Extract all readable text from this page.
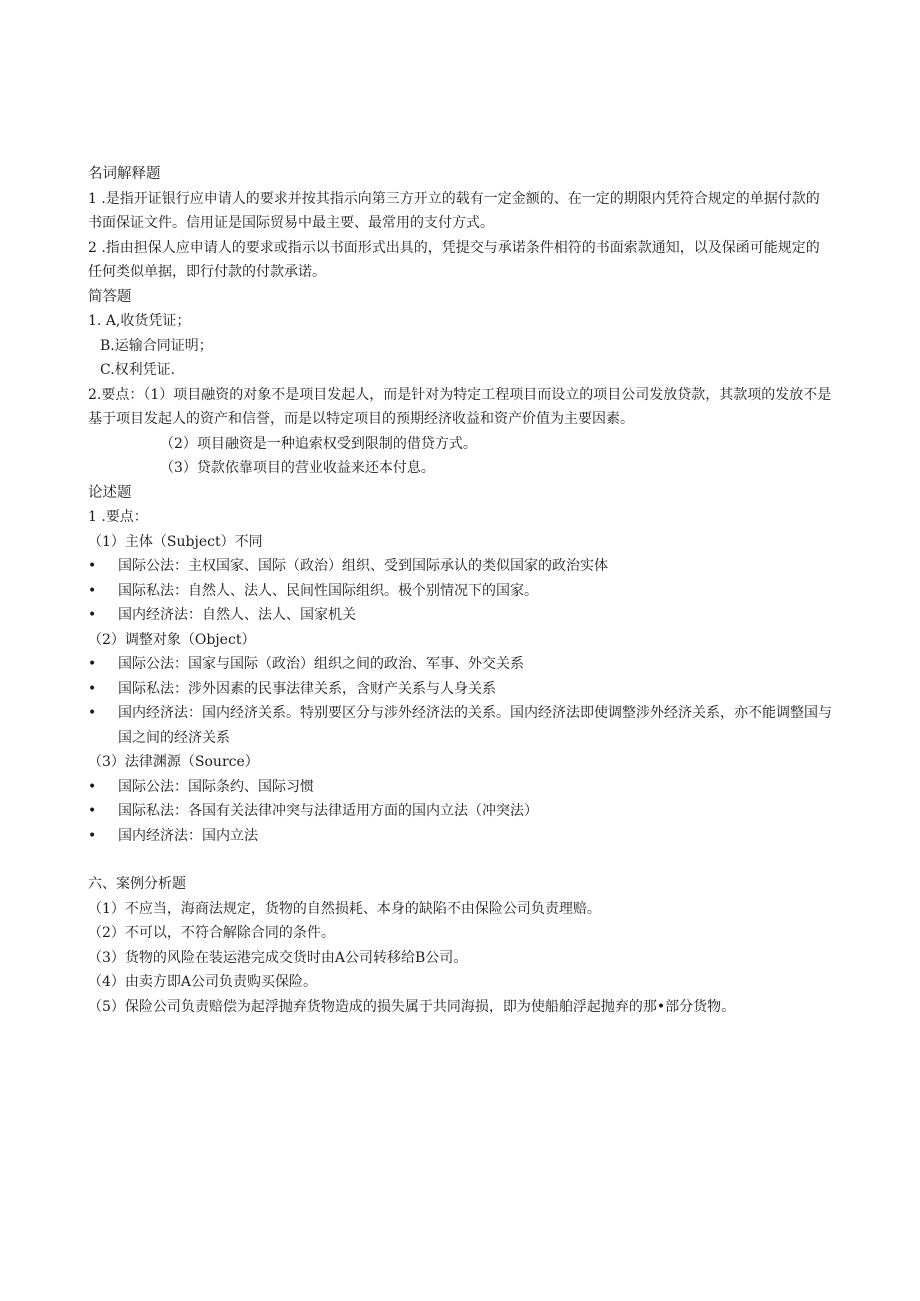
名词解释题
1 .是指开证银行应申请人的要求并按其指示向第三方开立的载有一定金额的、在一定的期限内凭符合规定的单据付款的书面保证文件。信用证是国际贸易中最主要、最常用的支付方式。
2 .指由担保人应申请人的要求或指示以书面形式出具的，凭提交与承诺条件相符的书面索款通知，以及保函可能规定的任何类似单据，即行付款的付款承诺。
简答题
1. A,收货凭证；
B.运输合同证明；
C.权利凭证.
2.要点：（1）项目融资的对象不是项目发起人，而是针对为特定工程项目而设立的项目公司发放贷款，其款项的发放不是基于项目发起人的资产和信誉，而是以特定项目的预期经济收益和资产价值为主要因素。
（2）项目融资是一种追索权受到限制的借贷方式。
（3）贷款依靠项目的营业收益来还本付息。
论述题
1 .要点：
（1）主体（Subject）不同
• 国际公法：主权国家、国际（政治）组织、受到国际承认的类似国家的政治实体
• 国际私法：自然人、法人、民间性国际组织。极个别情况下的国家。
• 国内经济法：自然人、法人、国家机关
（2）调整对象（Object）
• 国际公法：国家与国际（政治）组织之间的政治、军事、外交关系
• 国际私法：涉外因素的民事法律关系，含财产关系与人身关系
• 国内经济法：国内经济关系。特别要区分与涉外经济法的关系。国内经济法即使调整涉外经济关系，亦不能调整国与国之间的经济关系
（3）法律渊源（Source）
• 国际公法：国际条约、国际习惯
• 国际私法：各国有关法律冲突与法律适用方面的国内立法（冲突法）
• 国内经济法：国内立法
六、案例分析题
（1）不应当，海商法规定，货物的自然损耗、本身的缺陷不由保险公司负责理赔。
（2）不可以，不符合解除合同的条件。
（3）货物的风险在装运港完成交货时由A公司转移给B公司。
（4）由卖方即A公司负责购买保险。
（5）保险公司负责赔偿为起浮抛弃货物造成的损失属于共同海损，即为使船舶浮起抛弃的那•部分货物。
